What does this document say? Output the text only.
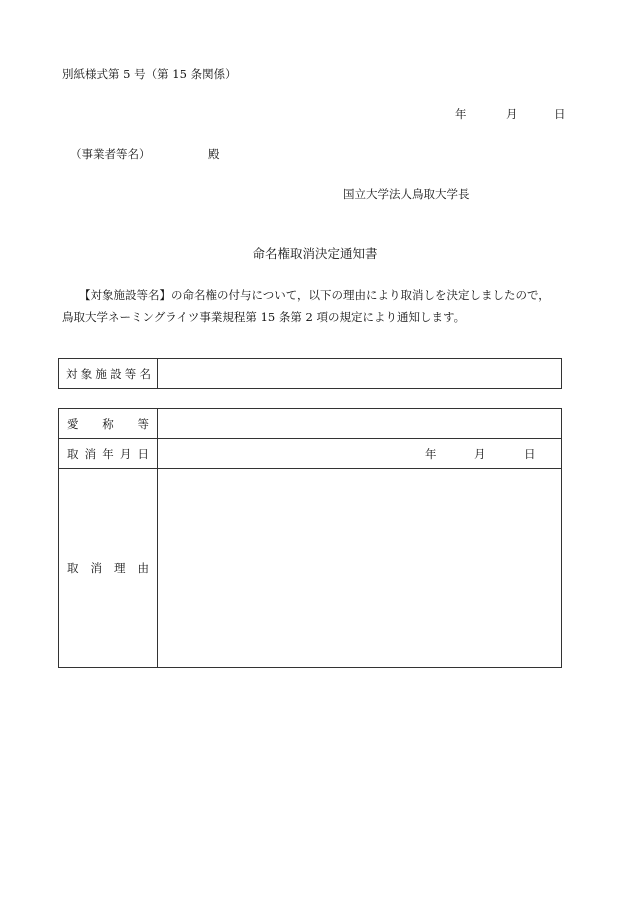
別紙様式第 5 号（第 15 条関係）
年	月	日
（事業者等名）	殿
国立大学法人鳥取大学長
命名権取消決定通知書

【対象施設等名】の命名権の付与について，以下の理由により取消しを決定しましたので，

鳥取大学ネーミングライツ事業規程第 15 条第 2 項の規定により通知します。

対 象 施 設 等 名

愛 称 等	

取 消 年 月 日	年 月 日

取 消 理 由	
